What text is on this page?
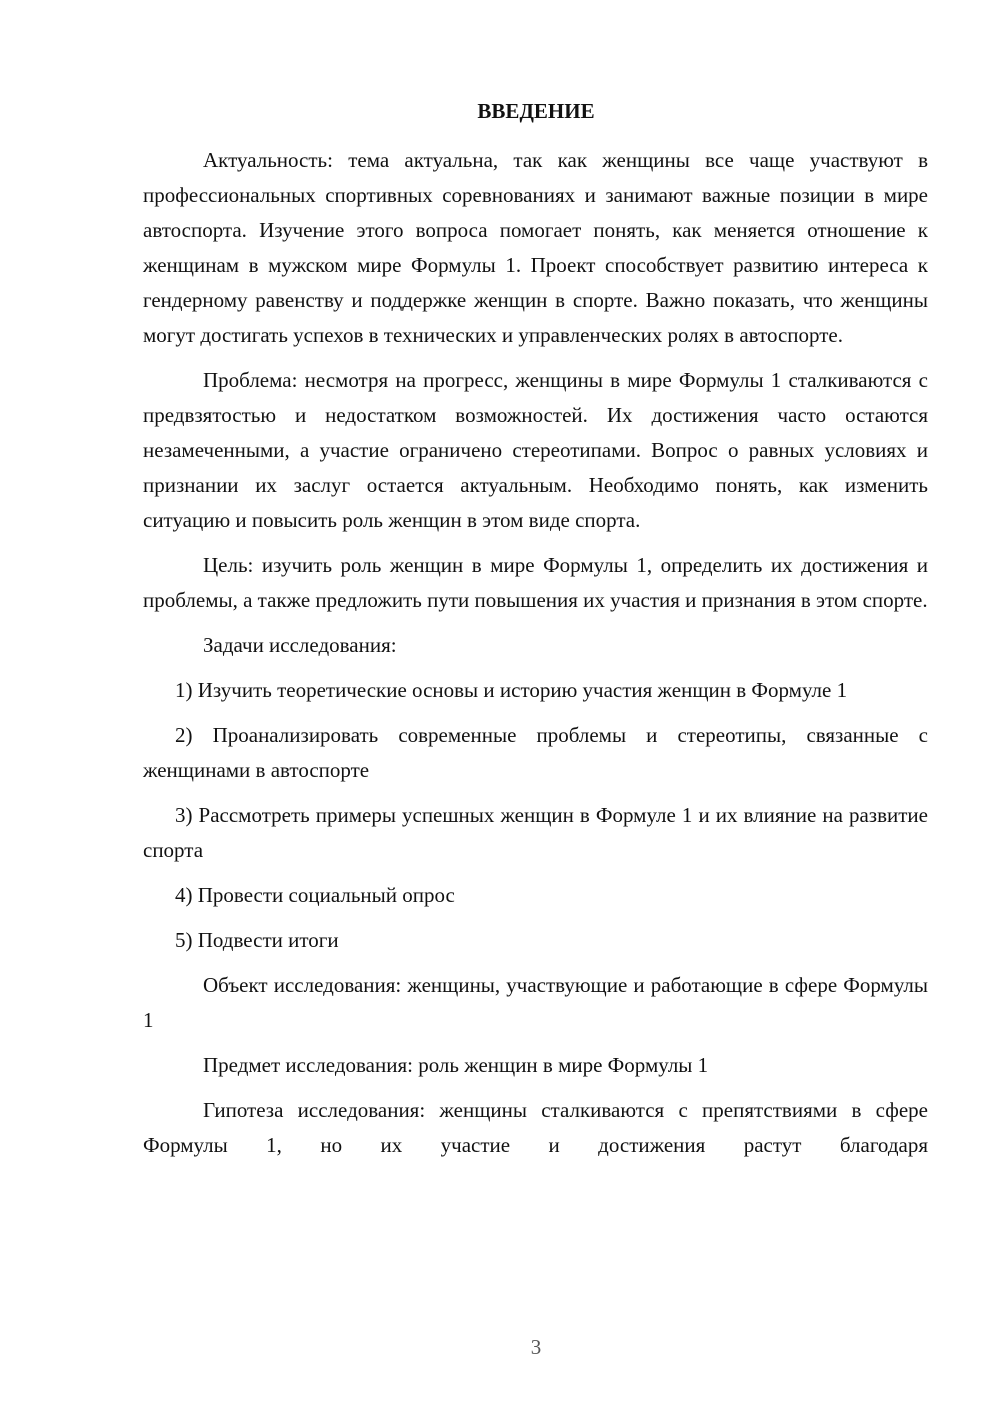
ВВЕДЕНИЕ

Актуальность: тема актуальна, так как женщины все чаще участвуют в профессиональных спортивных соревнованиях и занимают важные позиции в мире автоспорта. Изучение этого вопроса помогает понять, как меняется отношение к женщинам в мужском мире Формулы 1. Проект способствует развитию интереса к гендерному равенству и поддержке женщин в спорте. Важно показать, что женщины могут достигать успехов в технических и управленческих ролях в автоспорте.

Проблема: несмотря на прогресс, женщины в мире Формулы 1 сталкиваются с предвзятостью и недостатком возможностей. Их достижения часто остаются незамеченными, а участие ограничено стереотипами. Вопрос о равных условиях и признании их заслуг остается актуальным. Необходимо понять, как изменить ситуацию и повысить роль женщин в этом виде спорта.

Цель: изучить роль женщин в мире Формулы 1, определить их достижения и проблемы, а также предложить пути повышения их участия и признания в этом спорте.

Задачи исследования:

1) Изучить теоретические основы и историю участия женщин в Формуле 1

2) Проанализировать современные проблемы и стереотипы, связанные с женщинами в автоспорте

3) Рассмотреть примеры успешных женщин в Формуле 1 и их влияние на развитие спорта

4) Провести социальный опрос

5) Подвести итоги

Объект исследования: женщины, участвующие и работающие в сфере Формулы 1

Предмет исследования: роль женщин в мире Формулы 1

Гипотеза исследования: женщины сталкиваются с препятствиями в сфере Формулы 1, но их участие и достижения растут благодаря

3
